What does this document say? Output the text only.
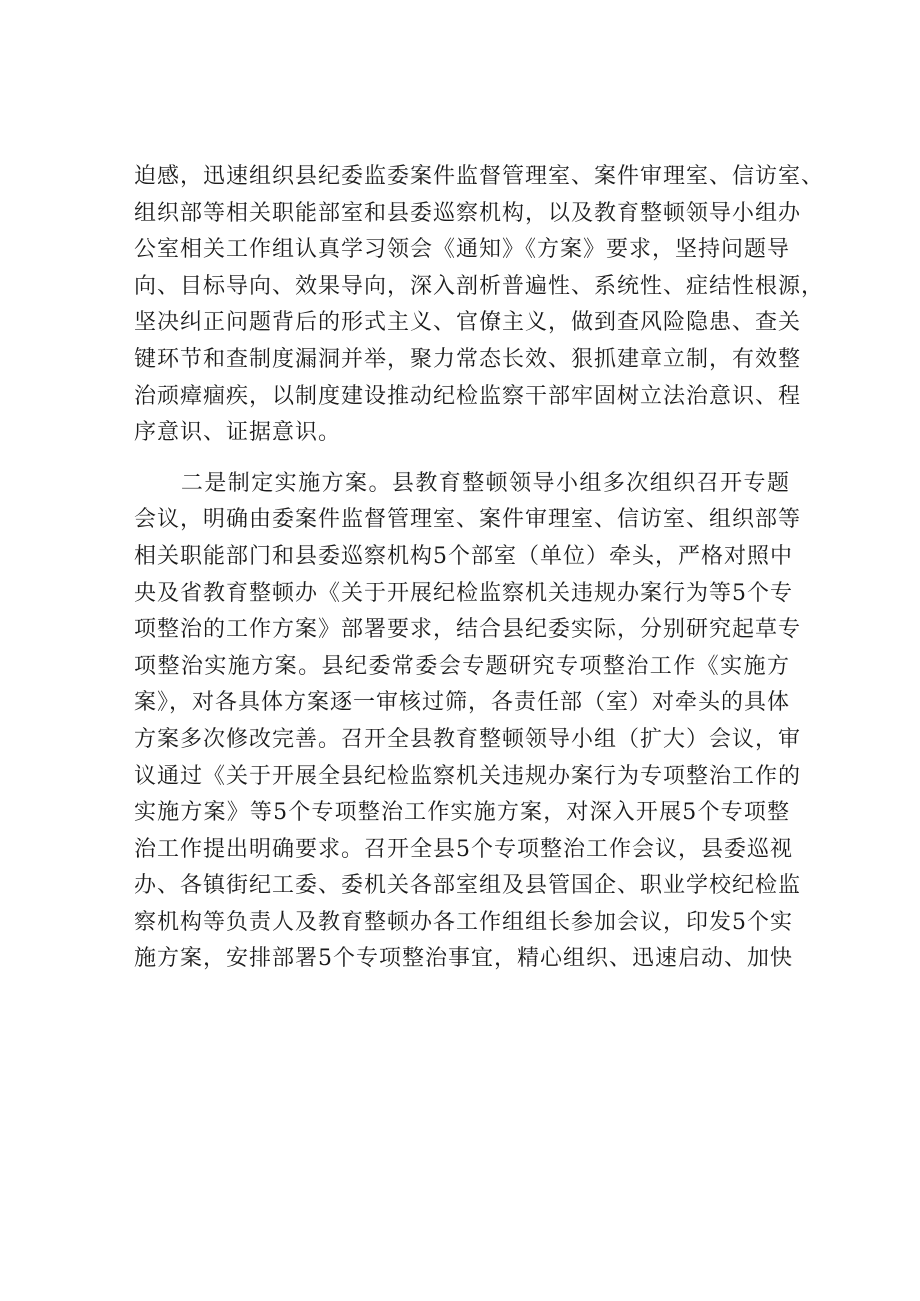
迫感，迅速组织县纪委监委案件监督管理室、案件审理室、信访室、
组织部等相关职能部室和县委巡察机构，以及教育整顿领导小组办
公室相关工作组认真学习领会《通知》《方案》要求，坚持问题导
向、目标导向、效果导向，深入剖析普遍性、系统性、症结性根源，
坚决纠正问题背后的形式主义、官僚主义，做到查风险隐患、查关
键环节和查制度漏洞并举，聚力常态长效、狠抓建章立制，有效整
治顽瘴痼疾，以制度建设推动纪检监察干部牢固树立法治意识、程
序意识、证据意识。
　　二是制定实施方案。县教育整顿领导小组多次组织召开专题
会议，明确由委案件监督管理室、案件审理室、信访室、组织部等
相关职能部门和县委巡察机构5个部室（单位）牵头，严格对照中
央及省教育整顿办《关于开展纪检监察机关违规办案行为等5个专
项整治的工作方案》部署要求，结合县纪委实际，分别研究起草专
项整治实施方案。县纪委常委会专题研究专项整治工作《实施方
案》，对各具体方案逐一审核过筛，各责任部（室）对牵头的具体
方案多次修改完善。召开全县教育整顿领导小组（扩大）会议，审
议通过《关于开展全县纪检监察机关违规办案行为专项整治工作的
实施方案》等5个专项整治工作实施方案，对深入开展5个专项整
治工作提出明确要求。召开全县5个专项整治工作会议，县委巡视
办、各镇街纪工委、委机关各部室组及县管国企、职业学校纪检监
察机构等负责人及教育整顿办各工作组组长参加会议，印发5个实
施方案，安排部署5个专项整治事宜，精心组织、迅速启动、加快
